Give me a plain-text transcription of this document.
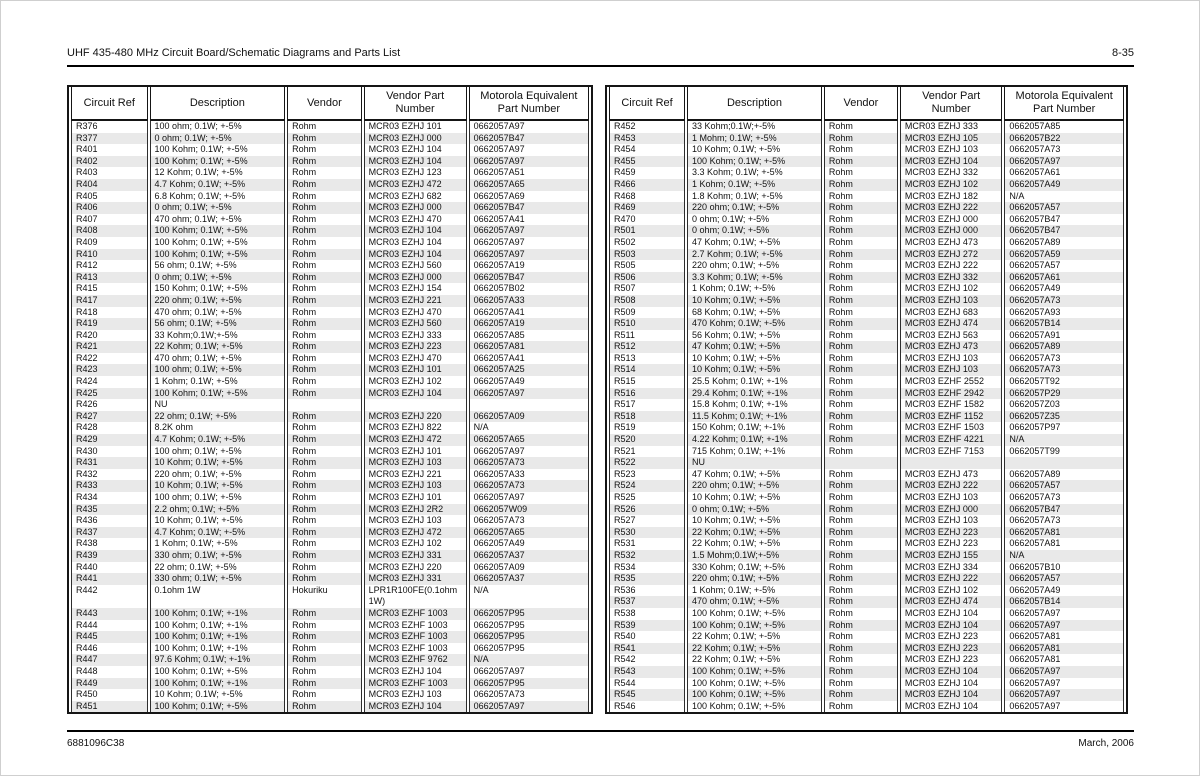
UHF 435-480 MHz Circuit Board/Schematic Diagrams and Parts List	8-35
Circuit Ref	Description	Vendor	Vendor Part
Number	Motorola Equivalent
Part Number
R376	100 ohm; 0.1W; +-5%	Rohm	MCR03 EZHJ 101	0662057A97
R377	0 ohm; 0.1W; +-5%	Rohm	MCR03 EZHJ 000	0662057B47
R401	100 Kohm; 0.1W; +-5%	Rohm	MCR03 EZHJ 104	0662057A97
R402	100 Kohm; 0.1W; +-5%	Rohm	MCR03 EZHJ 104	0662057A97
R403	12 Kohm; 0.1W; +-5%	Rohm	MCR03 EZHJ 123	0662057A51
R404	4.7 Kohm; 0.1W; +-5%	Rohm	MCR03 EZHJ 472	0662057A65
R405	6.8 Kohm; 0.1W; +-5%	Rohm	MCR03 EZHJ 682	0662057A69
R406	0 ohm; 0.1W; +-5%	Rohm	MCR03 EZHJ 000	0662057B47
R407	470 ohm; 0.1W; +-5%	Rohm	MCR03 EZHJ 470	0662057A41
R408	100 Kohm; 0.1W; +-5%	Rohm	MCR03 EZHJ 104	0662057A97
R409	100 Kohm; 0.1W; +-5%	Rohm	MCR03 EZHJ 104	0662057A97
R410	100 Kohm; 0.1W; +-5%	Rohm	MCR03 EZHJ 104	0662057A97
R412	56 ohm; 0.1W; +-5%	Rohm	MCR03 EZHJ 560	0662057A19
R413	0 ohm; 0.1W; +-5%	Rohm	MCR03 EZHJ 000	0662057B47
R415	150 Kohm; 0.1W; +-5%	Rohm	MCR03 EZHJ 154	0662057B02
R417	220 ohm; 0.1W; +-5%	Rohm	MCR03 EZHJ 221	0662057A33
R418	470 ohm; 0.1W; +-5%	Rohm	MCR03 EZHJ 470	0662057A41
R419	56 ohm; 0.1W; +-5%	Rohm	MCR03 EZHJ 560	0662057A19
R420	33 Kohm;0.1W;+-5%	Rohm	MCR03 EZHJ 333	0662057A85
R421	22 Kohm; 0.1W; +-5%	Rohm	MCR03 EZHJ 223	0662057A81
R422	470 ohm; 0.1W; +-5%	Rohm	MCR03 EZHJ 470	0662057A41
R423	100 ohm; 0.1W; +-5%	Rohm	MCR03 EZHJ 101	0662057A25
R424	1 Kohm; 0.1W; +-5%	Rohm	MCR03 EZHJ 102	0662057A49
R425	100 Kohm; 0.1W; +-5%	Rohm	MCR03 EZHJ 104	0662057A97
R426	NU			
R427	22 ohm; 0.1W; +-5%	Rohm	MCR03 EZHJ 220	0662057A09
R428	8.2K ohm	Rohm	MCR03 EZHJ 822	N/A
R429	4.7 Kohm; 0.1W; +-5%	Rohm	MCR03 EZHJ 472	0662057A65
R430	100 ohm; 0.1W; +-5%	Rohm	MCR03 EZHJ 101	0662057A97
R431	10 Kohm; 0.1W; +-5%	Rohm	MCR03 EZHJ 103	0662057A73
R432	220 ohm; 0.1W; +-5%	Rohm	MCR03 EZHJ 221	0662057A33
R433	10 Kohm; 0.1W; +-5%	Rohm	MCR03 EZHJ 103	0662057A73
R434	100 ohm; 0.1W; +-5%	Rohm	MCR03 EZHJ 101	0662057A97
R435	2.2 ohm; 0.1W; +-5%	Rohm	MCR03 EZHJ 2R2	0662057W09
R436	10 Kohm; 0.1W; +-5%	Rohm	MCR03 EZHJ 103	0662057A73
R437	4.7 Kohm; 0.1W; +-5%	Rohm	MCR03 EZHJ 472	0662057A65
R438	1 Kohm; 0.1W; +-5%	Rohm	MCR03 EZHJ 102	0662057A49
R439	330 ohm; 0.1W; +-5%	Rohm	MCR03 EZHJ 331	0662057A37
R440	22 ohm; 0.1W; +-5%	Rohm	MCR03 EZHJ 220	0662057A09
R441	330 ohm; 0.1W; +-5%	Rohm	MCR03 EZHJ 331	0662057A37
R442	0.1ohm 1W	Hokuriku	LPR1R100FE(0.1ohm
1W)	N/A
R443	100 Kohm; 0.1W; +-1%	Rohm	MCR03 EZHF 1003	0662057P95
R444	100 Kohm; 0.1W; +-1%	Rohm	MCR03 EZHF 1003	0662057P95
R445	100 Kohm; 0.1W; +-1%	Rohm	MCR03 EZHF 1003	0662057P95
R446	100 Kohm; 0.1W; +-1%	Rohm	MCR03 EZHF 1003	0662057P95
R447	97.6 Kohm; 0.1W; +-1%	Rohm	MCR03 EZHF 9762	N/A
R448	100 Kohm; 0.1W; +-5%	Rohm	MCR03 EZHJ 104	0662057A97
R449	100 Kohm; 0.1W; +-1%	Rohm	MCR03 EZHF 1003	0662057P95
R450	10 Kohm; 0.1W; +-5%	Rohm	MCR03 EZHJ 103	0662057A73
R451	100 Kohm; 0.1W; +-5%	Rohm	MCR03 EZHJ 104	0662057A97
Circuit Ref	Description	Vendor	Vendor Part
Number	Motorola Equivalent
Part Number
R452	33 Kohm;0.1W;+-5%	Rohm	MCR03 EZHJ 333	0662057A85
R453	1 Mohm; 0.1W; +-5%	Rohm	MCR03 EZHJ 105	0662057B22
R454	10 Kohm; 0.1W; +-5%	Rohm	MCR03 EZHJ 103	0662057A73
R455	100 Kohm; 0.1W; +-5%	Rohm	MCR03 EZHJ 104	0662057A97
R459	3.3 Kohm; 0.1W; +-5%	Rohm	MCR03 EZHJ 332	0662057A61
R466	1 Kohm; 0.1W; +-5%	Rohm	MCR03 EZHJ 102	0662057A49
R468	1.8 Kohm; 0.1W; +-5%	Rohm	MCR03 EZHJ 182	N/A
R469	220 ohm; 0.1W; +-5%	Rohm	MCR03 EZHJ 222	0662057A57
R470	0 ohm; 0.1W; +-5%	Rohm	MCR03 EZHJ 000	0662057B47
R501	0 ohm; 0.1W; +-5%	Rohm	MCR03 EZHJ 000	0662057B47
R502	47 Kohm; 0.1W; +-5%	Rohm	MCR03 EZHJ 473	0662057A89
R503	2.7 Kohm; 0.1W; +-5%	Rohm	MCR03 EZHJ 272	0662057A59
R505	220 ohm; 0.1W; +-5%	Rohm	MCR03 EZHJ 222	0662057A57
R506	3.3 Kohm; 0.1W; +-5%	Rohm	MCR03 EZHJ 332	0662057A61
R507	1 Kohm; 0.1W; +-5%	Rohm	MCR03 EZHJ 102	0662057A49
R508	10 Kohm; 0.1W; +-5%	Rohm	MCR03 EZHJ 103	0662057A73
R509	68 Kohm; 0.1W; +-5%	Rohm	MCR03 EZHJ 683	0662057A93
R510	470 Kohm; 0.1W; +-5%	Rohm	MCR03 EZHJ 474	0662057B14
R511	56 Kohm; 0.1W; +-5%	Rohm	MCR03 EZHJ 563	0662057A91
R512	47 Kohm; 0.1W; +-5%	Rohm	MCR03 EZHJ 473	0662057A89
R513	10 Kohm; 0.1W; +-5%	Rohm	MCR03 EZHJ 103	0662057A73
R514	10 Kohm; 0.1W; +-5%	Rohm	MCR03 EZHJ 103	0662057A73
R515	25.5 Kohm; 0.1W; +-1%	Rohm	MCR03 EZHF 2552	0662057T92
R516	29.4 Kohm; 0.1W; +-1%	Rohm	MCR03 EZHF 2942	0662057P29
R517	15.8 Kohm; 0.1W; +-1%	Rohm	MCR03 EZHF 1582	0662057Z03
R518	11.5 Kohm; 0.1W; +-1%	Rohm	MCR03 EZHF 1152	0662057Z35
R519	150 Kohm; 0.1W; +-1%	Rohm	MCR03 EZHF 1503	0662057P97
R520	4.22 Kohm; 0.1W; +-1%	Rohm	MCR03 EZHF 4221	N/A
R521	715 Kohm; 0.1W; +-1%	Rohm	MCR03 EZHF 7153	0662057T99
R522	NU			
R523	47 Kohm; 0.1W; +-5%	Rohm	MCR03 EZHJ 473	0662057A89
R524	220 ohm; 0.1W; +-5%	Rohm	MCR03 EZHJ 222	0662057A57
R525	10 Kohm; 0.1W; +-5%	Rohm	MCR03 EZHJ 103	0662057A73
R526	0 ohm; 0.1W; +-5%	Rohm	MCR03 EZHJ 000	0662057B47
R527	10 Kohm; 0.1W; +-5%	Rohm	MCR03 EZHJ 103	0662057A73
R530	22 Kohm; 0.1W; +-5%	Rohm	MCR03 EZHJ 223	0662057A81
R531	22 Kohm; 0.1W; +-5%	Rohm	MCR03 EZHJ 223	0662057A81
R532	1.5 Mohm;0.1W;+-5%	Rohm	MCR03 EZHJ 155	N/A
R534	330 Kohm; 0.1W; +-5%	Rohm	MCR03 EZHJ 334	0662057B10
R535	220 ohm; 0.1W; +-5%	Rohm	MCR03 EZHJ 222	0662057A57
R536	1 Kohm; 0.1W; +-5%	Rohm	MCR03 EZHJ 102	0662057A49
R537	470 ohm; 0.1W; +-5%	Rohm	MCR03 EZHJ 474	0662057B14
R538	100 Kohm; 0.1W; +-5%	Rohm	MCR03 EZHJ 104	0662057A97
R539	100 Kohm; 0.1W; +-5%	Rohm	MCR03 EZHJ 104	0662057A97
R540	22 Kohm; 0.1W; +-5%	Rohm	MCR03 EZHJ 223	0662057A81
R541	22 Kohm; 0.1W; +-5%	Rohm	MCR03 EZHJ 223	0662057A81
R542	22 Kohm; 0.1W; +-5%	Rohm	MCR03 EZHJ 223	0662057A81
R543	100 Kohm; 0.1W; +-5%	Rohm	MCR03 EZHJ 104	0662057A97
R544	100 Kohm; 0.1W; +-5%	Rohm	MCR03 EZHJ 104	0662057A97
R545	100 Kohm; 0.1W; +-5%	Rohm	MCR03 EZHJ 104	0662057A97
R546	100 Kohm; 0.1W; +-5%	Rohm	MCR03 EZHJ 104	0662057A97
6881096C38	March, 2006
